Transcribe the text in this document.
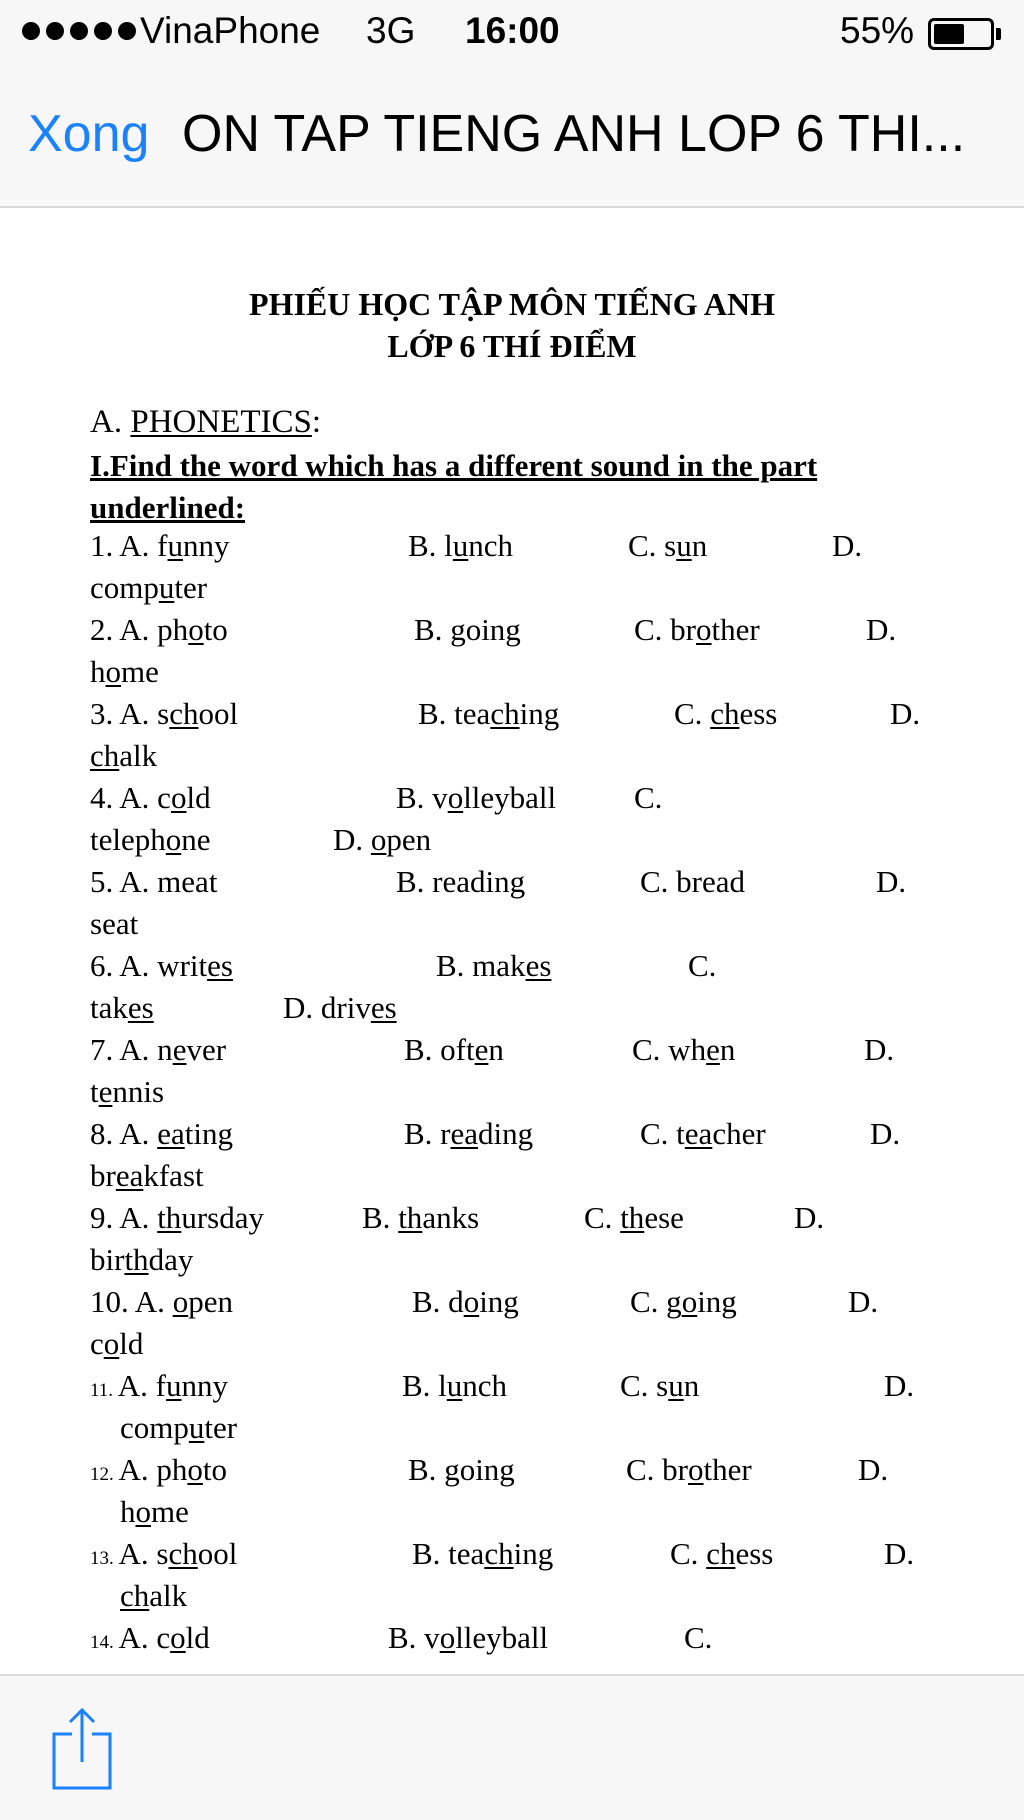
VinaPhone 3G 16:00	55%
Xong ON TAP TIENG ANH LOP 6 THI...
PHIẾU HỌC TẬP MÔN TIẾNG ANH
LỚP 6 THÍ ĐIỂM
A. PHONETICS:
I.Find the word which has a different sound in the part
underlined:
1. A. funny	B. lunch	C. sun	D.
computer
2. A. photo	B. going	C. brother	D.
home
3. A. school	B. teaching	C. chess	D.
chalk
4. A. cold	B. volleyball	C.
D. open
telephone
5. A. meat	B. reading	C. bread	D.
seat
6. A. writes	B. makes	C.
D. drives
takes
7. A. never	B. often	C. when	D.
tennis
8. A. eating	B. reading	C. teacher	D.
breakfast
9. A. thursday	B. thanks	C. these	D.
birthday
10. A. open	B. doing	C. going	D.
cold
11. A. funny	B. lunch	C. sun	D.
computer
12. A. photo	B. going	C. brother	D.
home
13. A. school	B. teaching	C. chess	D.
chalk
14. A. cold	B. volleyball	C.
